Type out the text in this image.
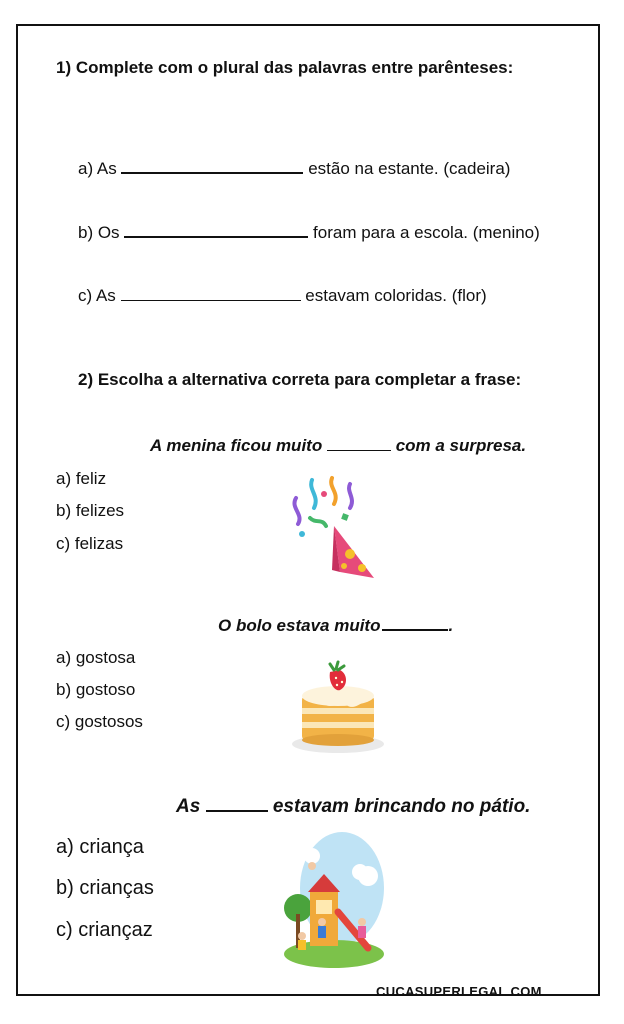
1) Complete com o plural das palavras entre parênteses:
a) As	estão na estante. (cadeira)
b) Os	foram para a escola. (menino)
c) As	estavam coloridas. (flor)
2) Escolha a alternativa correta para completar a frase:
A menina ficou muito	com a surpresa.
a) feliz
b) felizes
c) felizas
O bolo estava muito	.
a) gostosa
b) gostoso
c) gostosos
As	estavam brincando no pátio.
a) criança
b) crianças
c) criançaz
CUCASUPERLEGAL.COM
